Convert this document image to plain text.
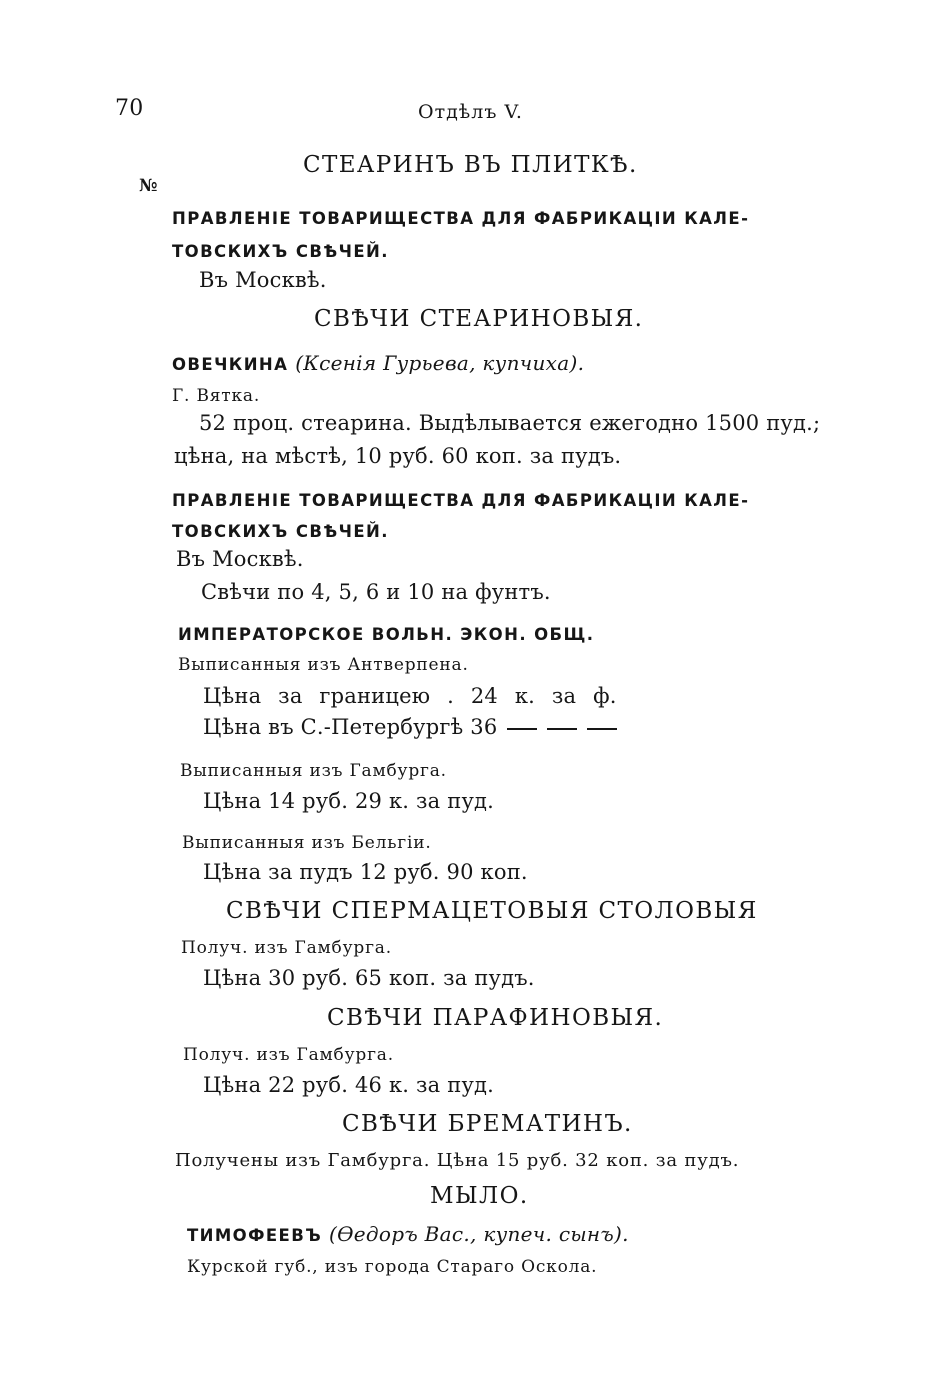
70	Отдѣлъ V.
СТЕАРИНЪ ВЪ ПЛИТКѢ.
№
ПРАВЛЕНІЕ ТОВАРИЩЕСТВА ДЛЯ ФАБРИКАЦІИ КАЛЕ-
ТОВСКИХЪ СВѢЧЕЙ.
Въ Москвѣ.
СВѢЧИ СТЕАРИНОВЫЯ.
ОВЕЧКИНА (Ксенія Гурьева, купчиха).
Г. Вятка.
52 проц. стеарина. Выдѣлывается ежегодно 1500 пуд.;
цѣна, на мѣстѣ, 10 руб. 60 коп. за пудъ.
ПРАВЛЕНІЕ ТОВАРИЩЕСТВА ДЛЯ ФАБРИКАЦІИ КАЛЕ-
ТОВСКИХЪ СВѢЧЕЙ.
Въ Москвѣ.
Свѣчи по 4, 5, 6 и 10 на фунтъ.
ИМПЕРАТОРСКОЕ ВОЛЬН. ЭКОН. ОБЩ.
Выписанныя изъ Антверпена.
Цѣна за границею . 24 к. за ф.
Цѣна въ С.-Петербургѣ 36
Выписанныя изъ Гамбурга.
Цѣна 14 руб. 29 к. за пуд.
Выписанныя изъ Бельгіи.
Цѣна за пудъ 12 руб. 90 коп.
СВѢЧИ СПЕРМАЦЕТОВЫЯ СТОЛОВЫЯ
Получ. изъ Гамбурга.
Цѣна 30 руб. 65 коп. за пудъ.
СВѢЧИ ПАРАФИНОВЫЯ.
Получ. изъ Гамбурга.
Цѣна 22 руб. 46 к. за пуд.
СВѢЧИ БРЕМАТИНЪ.
Получены изъ Гамбурга. Цѣна 15 руб. 32 коп. за пудъ.
МЫЛО.
ТИМОФЕЕВЪ (Ѳедоръ Вас., купеч. сынъ).
Курской губ., изъ города Стараго Оскола.
